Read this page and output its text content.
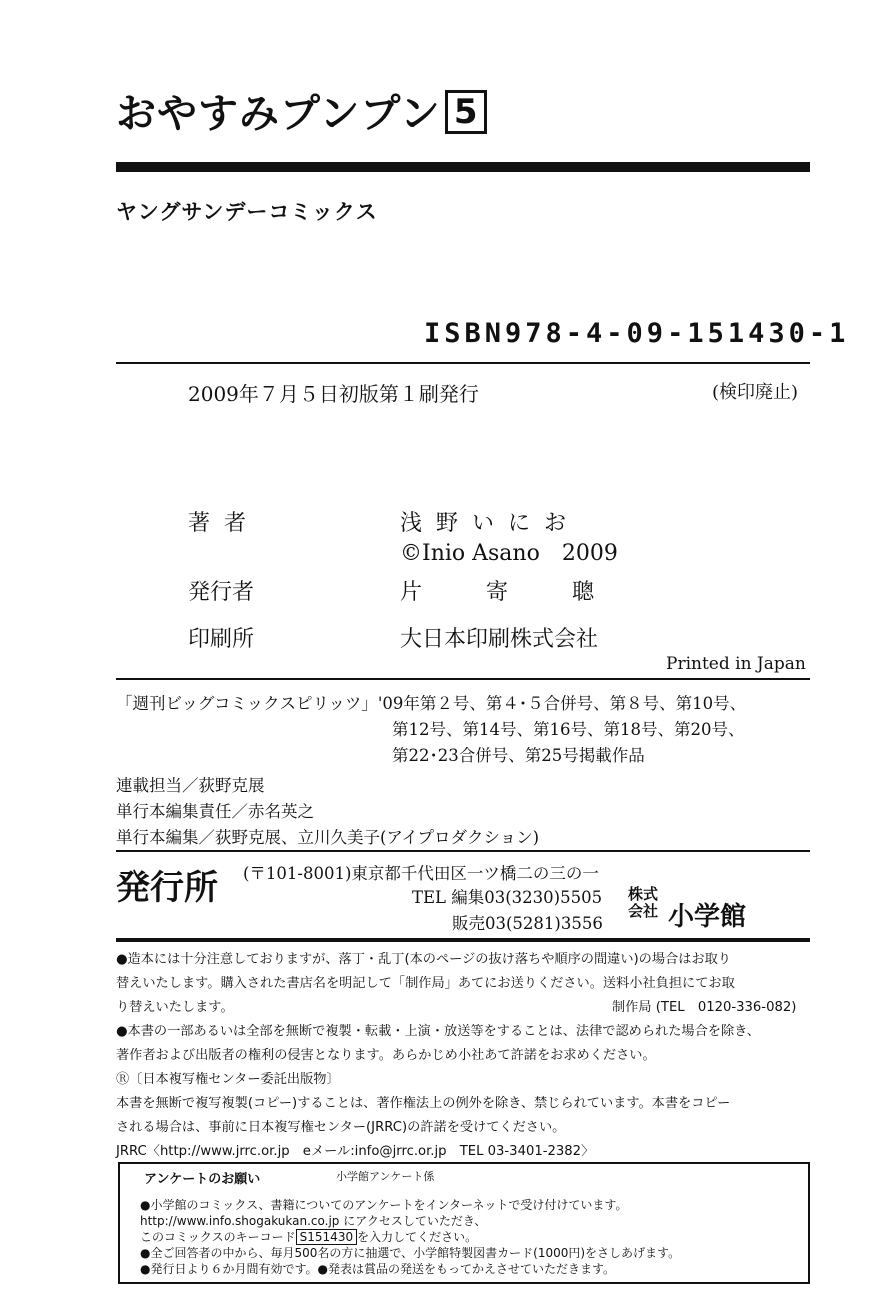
おやすみプンプン 5
ヤングサンデーコミックス
ISBN978-4-09-151430-1
2009年７月５日初版第１刷発行	(検印廃止)
著者	浅野いにお
©Inio Asano　2009
発行者	片寄聰
印刷所	大日本印刷株式会社
Printed in Japan
「週刊ビッグコミックスピリッツ」'09年第２号、第４･５合併号、第８号、第10号、
第12号、第14号、第16号、第18号、第20号、
第22･23合併号、第25号掲載作品
連載担当／荻野克展
単行本編集責任／赤名英之
単行本編集／荻野克展、立川久美子(アイプロダクション)
発行所 (〒101-8001)東京都千代田区一ツ橋二の三の一
TEL 編集03(3230)5505
販売03(5281)3556
株式会社 小学館
●造本には十分注意しておりますが、落丁・乱丁(本のページの抜け落ちや順序の間違い)の場合はお取り
替えいたします。購入された書店名を明記して「制作局」あてにお送りください。送料小社負担にてお取
り替えいたします。	制作局 (TEL　0120-336-082)
●本書の一部あるいは全部を無断で複製・転載・上演・放送等をすることは、法律で認められた場合を除き、
著作者および出版者の権利の侵害となります。あらかじめ小社あて許諾をお求めください。
Ⓡ〔日本複写権センター委託出版物〕
本書を無断で複写複製(コピー)することは、著作権法上の例外を除き、禁じられています。本書をコピー
される場合は、事前に日本複写権センター(JRRC)の許諾を受けてください。
JRRC〈http://www.jrrc.or.jp　eメール:info@jrrc.or.jp　TEL 03-3401-2382〉
アンケートのお願い	小学館アンケート係
●小学館のコミックス、書籍についてのアンケートをインターネットで受け付けています。
http://www.info.shogakukan.co.jp にアクセスしていただき、
このコミックスのキーコード S151430 を入力してください。
●全ご回答者の中から、毎月500名の方に抽選で、小学館特製図書カード(1000円)をさしあげます。
●発行日より６か月間有効です。●発表は賞品の発送をもってかえさせていただきます。
